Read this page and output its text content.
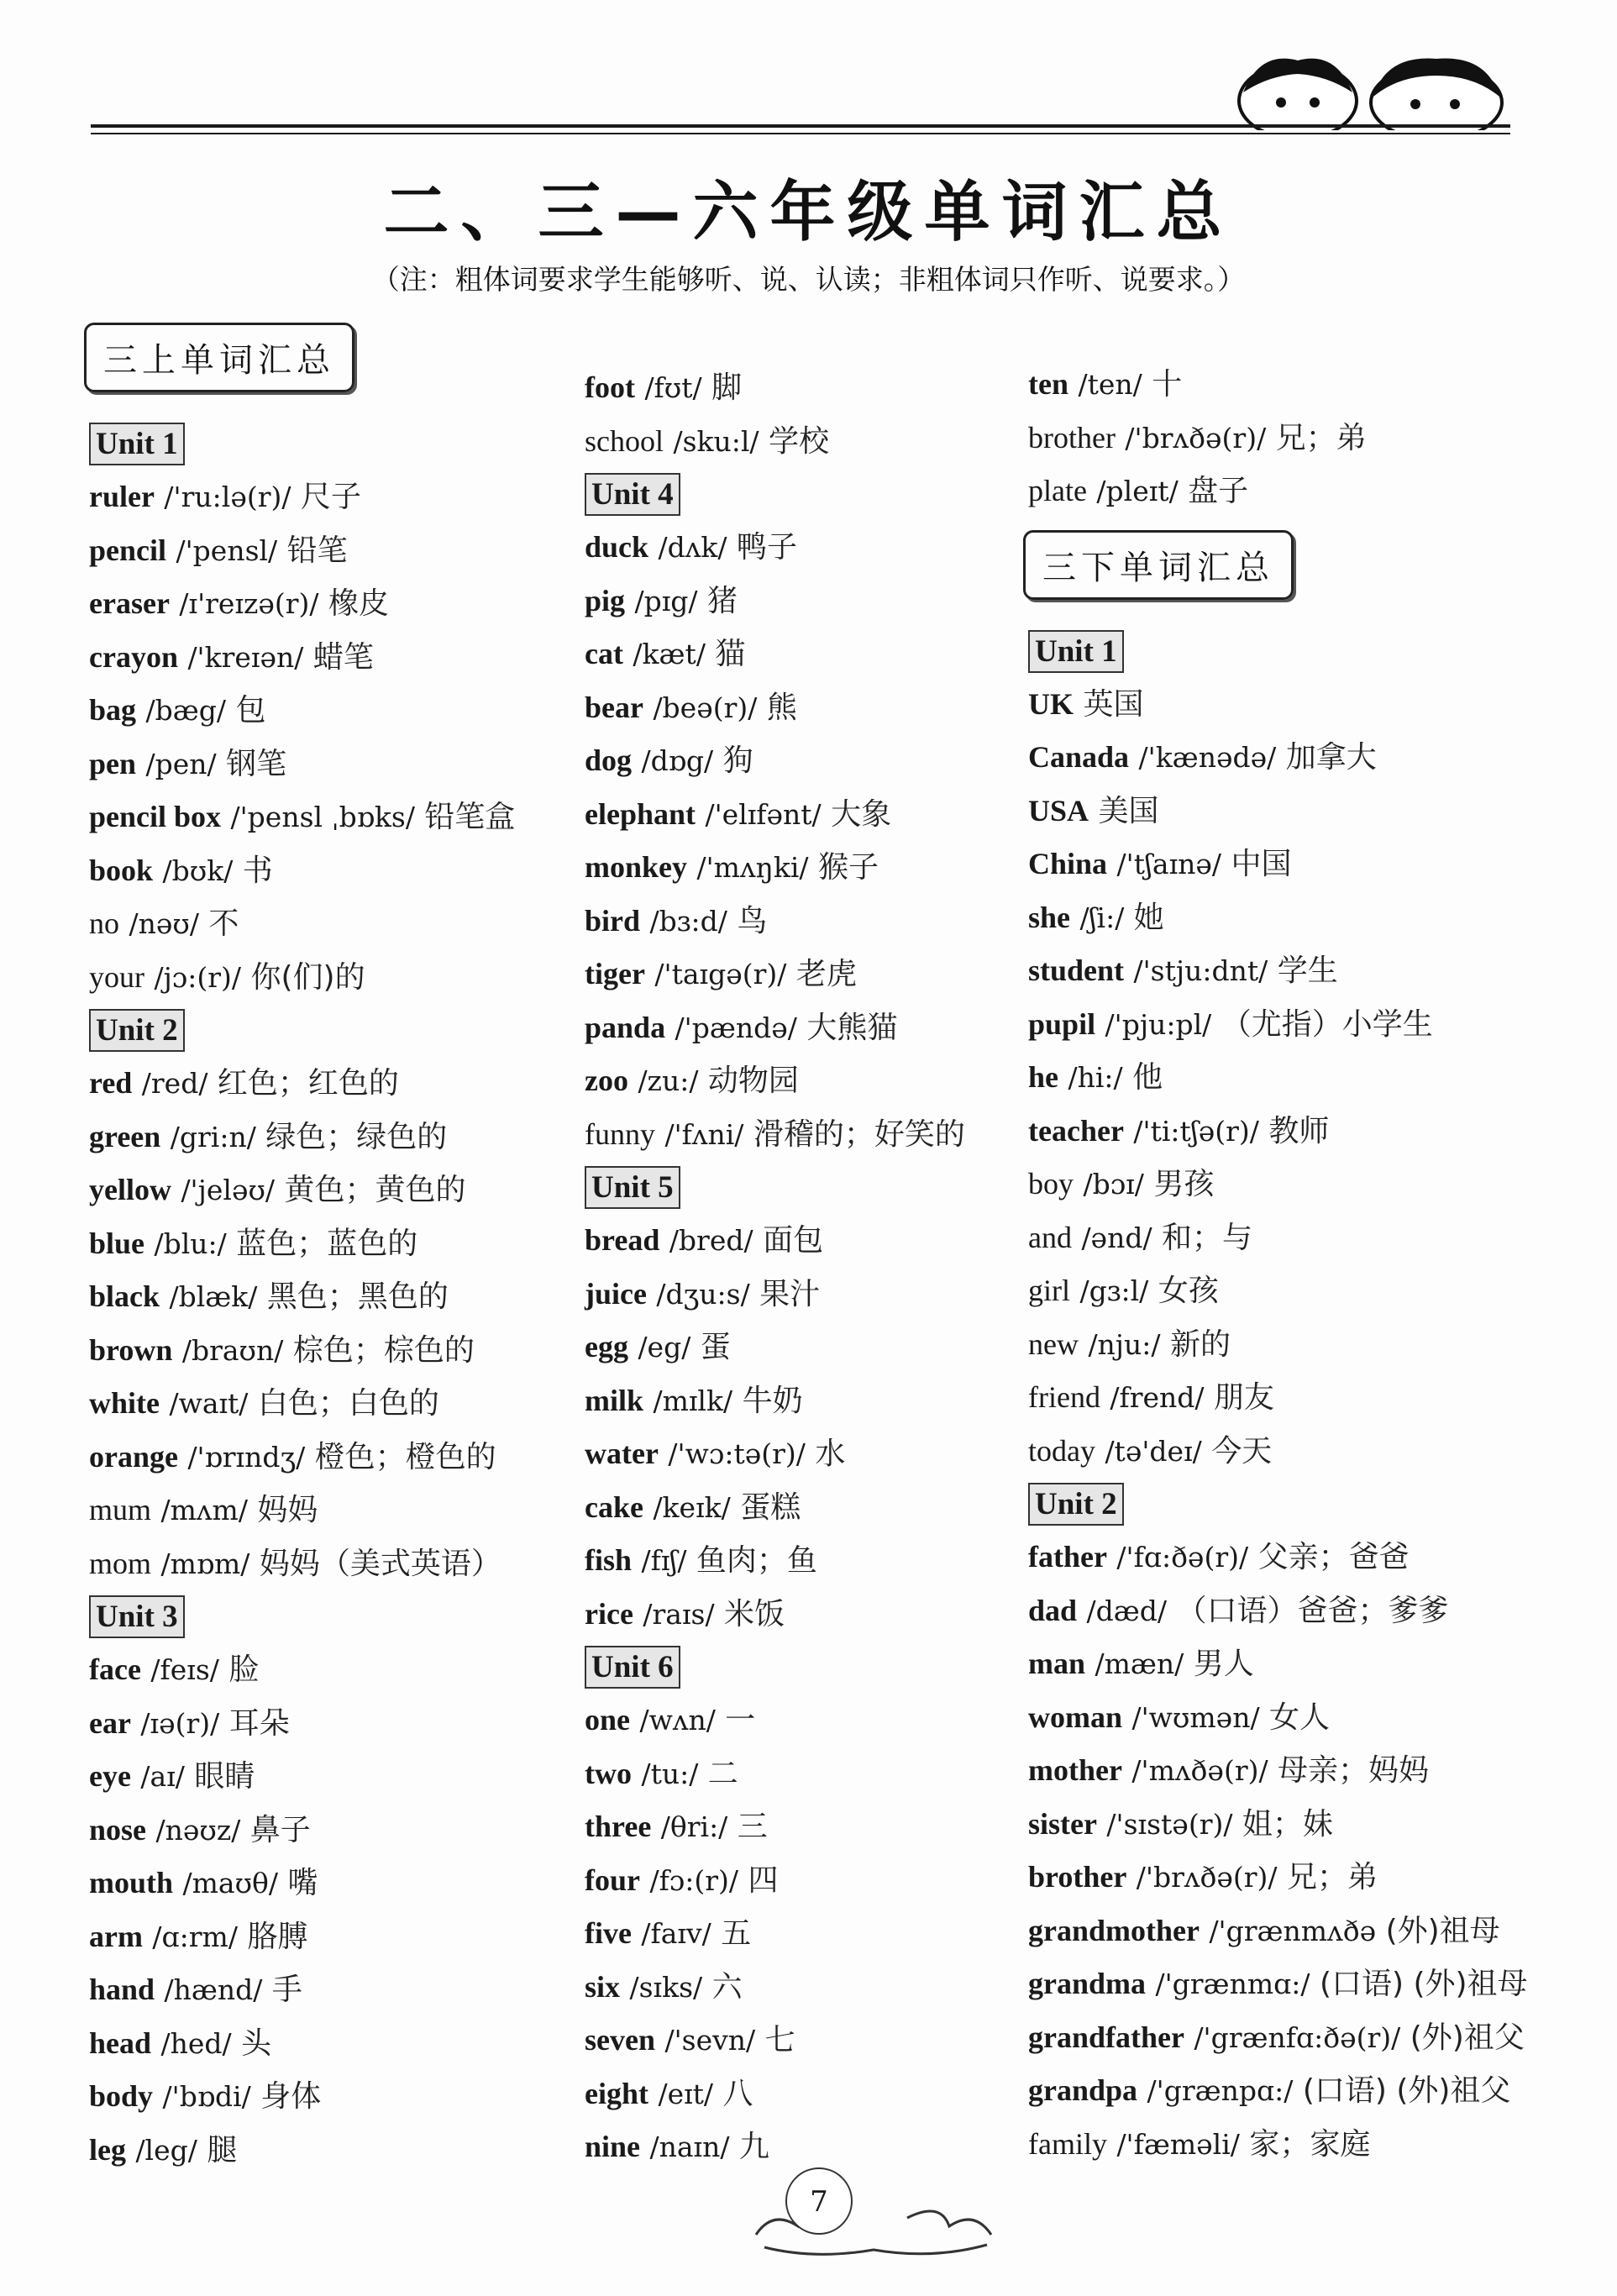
二、三—六年级单词汇总
（注：粗体词要求学生能够听、说、认读；非粗体词只作听、说要求。）
三上单词汇总
Unit 1
ruler /'ru:lə(r)/ 尺子
pencil /'pensl/ 铅笔
eraser /ɪ'reɪzə(r)/ 橡皮
crayon /'kreɪən/ 蜡笔
bag /bæg/ 包
pen /pen/ 钢笔
pencil box /'pensl ˌbɒks/ 铅笔盒
book /bʊk/ 书
no /nəʊ/ 不
your /jɔ:(r)/ 你(们)的
Unit 2
red /red/ 红色；红色的
green /gri:n/ 绿色；绿色的
yellow /'jeləʊ/ 黄色；黄色的
blue /blu:/ 蓝色；蓝色的
black /blæk/ 黑色；黑色的
brown /braʊn/ 棕色；棕色的
white /waɪt/ 白色；白色的
orange /'ɒrɪndʒ/ 橙色；橙色的
mum /mʌm/ 妈妈
mom /mɒm/ 妈妈（美式英语）
Unit 3
face /feɪs/ 脸
ear /ɪə(r)/ 耳朵
eye /aɪ/ 眼睛
nose /nəʊz/ 鼻子
mouth /maʊθ/ 嘴
arm /ɑ:rm/ 胳膊
hand /hænd/ 手
head /hed/ 头
body /'bɒdi/ 身体
leg /leg/ 腿
foot /fʊt/ 脚
school /sku:l/ 学校
Unit 4
duck /dʌk/ 鸭子
pig /pɪg/ 猪
cat /kæt/ 猫
bear /beə(r)/ 熊
dog /dɒg/ 狗
elephant /'elɪfənt/ 大象
monkey /'mʌŋki/ 猴子
bird /bɜ:d/ 鸟
tiger /'taɪgə(r)/ 老虎
panda /'pændə/ 大熊猫
zoo /zu:/ 动物园
funny /'fʌni/ 滑稽的；好笑的
Unit 5
bread /bred/ 面包
juice /dʒu:s/ 果汁
egg /eg/ 蛋
milk /mɪlk/ 牛奶
water /'wɔ:tə(r)/ 水
cake /keɪk/ 蛋糕
fish /fɪʃ/ 鱼肉；鱼
rice /raɪs/ 米饭
Unit 6
one /wʌn/ 一
two /tu:/ 二
three /θri:/ 三
four /fɔ:(r)/ 四
five /faɪv/ 五
six /sɪks/ 六
seven /'sevn/ 七
eight /eɪt/ 八
nine /naɪn/ 九
ten /ten/ 十
brother /'brʌðə(r)/ 兄；弟
plate /pleɪt/ 盘子
三下单词汇总
Unit 1
UK 英国
Canada /'kænədə/ 加拿大
USA 美国
China /'tʃaɪnə/ 中国
she /ʃi:/ 她
student /'stju:dnt/ 学生
pupil /'pju:pl/ （尤指）小学生
he /hi:/ 他
teacher /'ti:tʃə(r)/ 教师
boy /bɔɪ/ 男孩
and /ənd/ 和；与
girl /gɜ:l/ 女孩
new /nju:/ 新的
friend /frend/ 朋友
today /tə'deɪ/ 今天
Unit 2
father /'fɑ:ðə(r)/ 父亲；爸爸
dad /dæd/ （口语）爸爸；爹爹
man /mæn/ 男人
woman /'wʊmən/ 女人
mother /'mʌðə(r)/ 母亲；妈妈
sister /'sɪstə(r)/ 姐；妹
brother /'brʌðə(r)/ 兄；弟
grandmother /'grænmʌðə (外)祖母
grandma /'grænmɑ:/ (口语) (外)祖母
grandfather /'grænfɑ:ðə(r)/ (外)祖父
grandpa /'grænpɑ:/ (口语) (外)祖父
family /'fæməli/ 家；家庭
7
